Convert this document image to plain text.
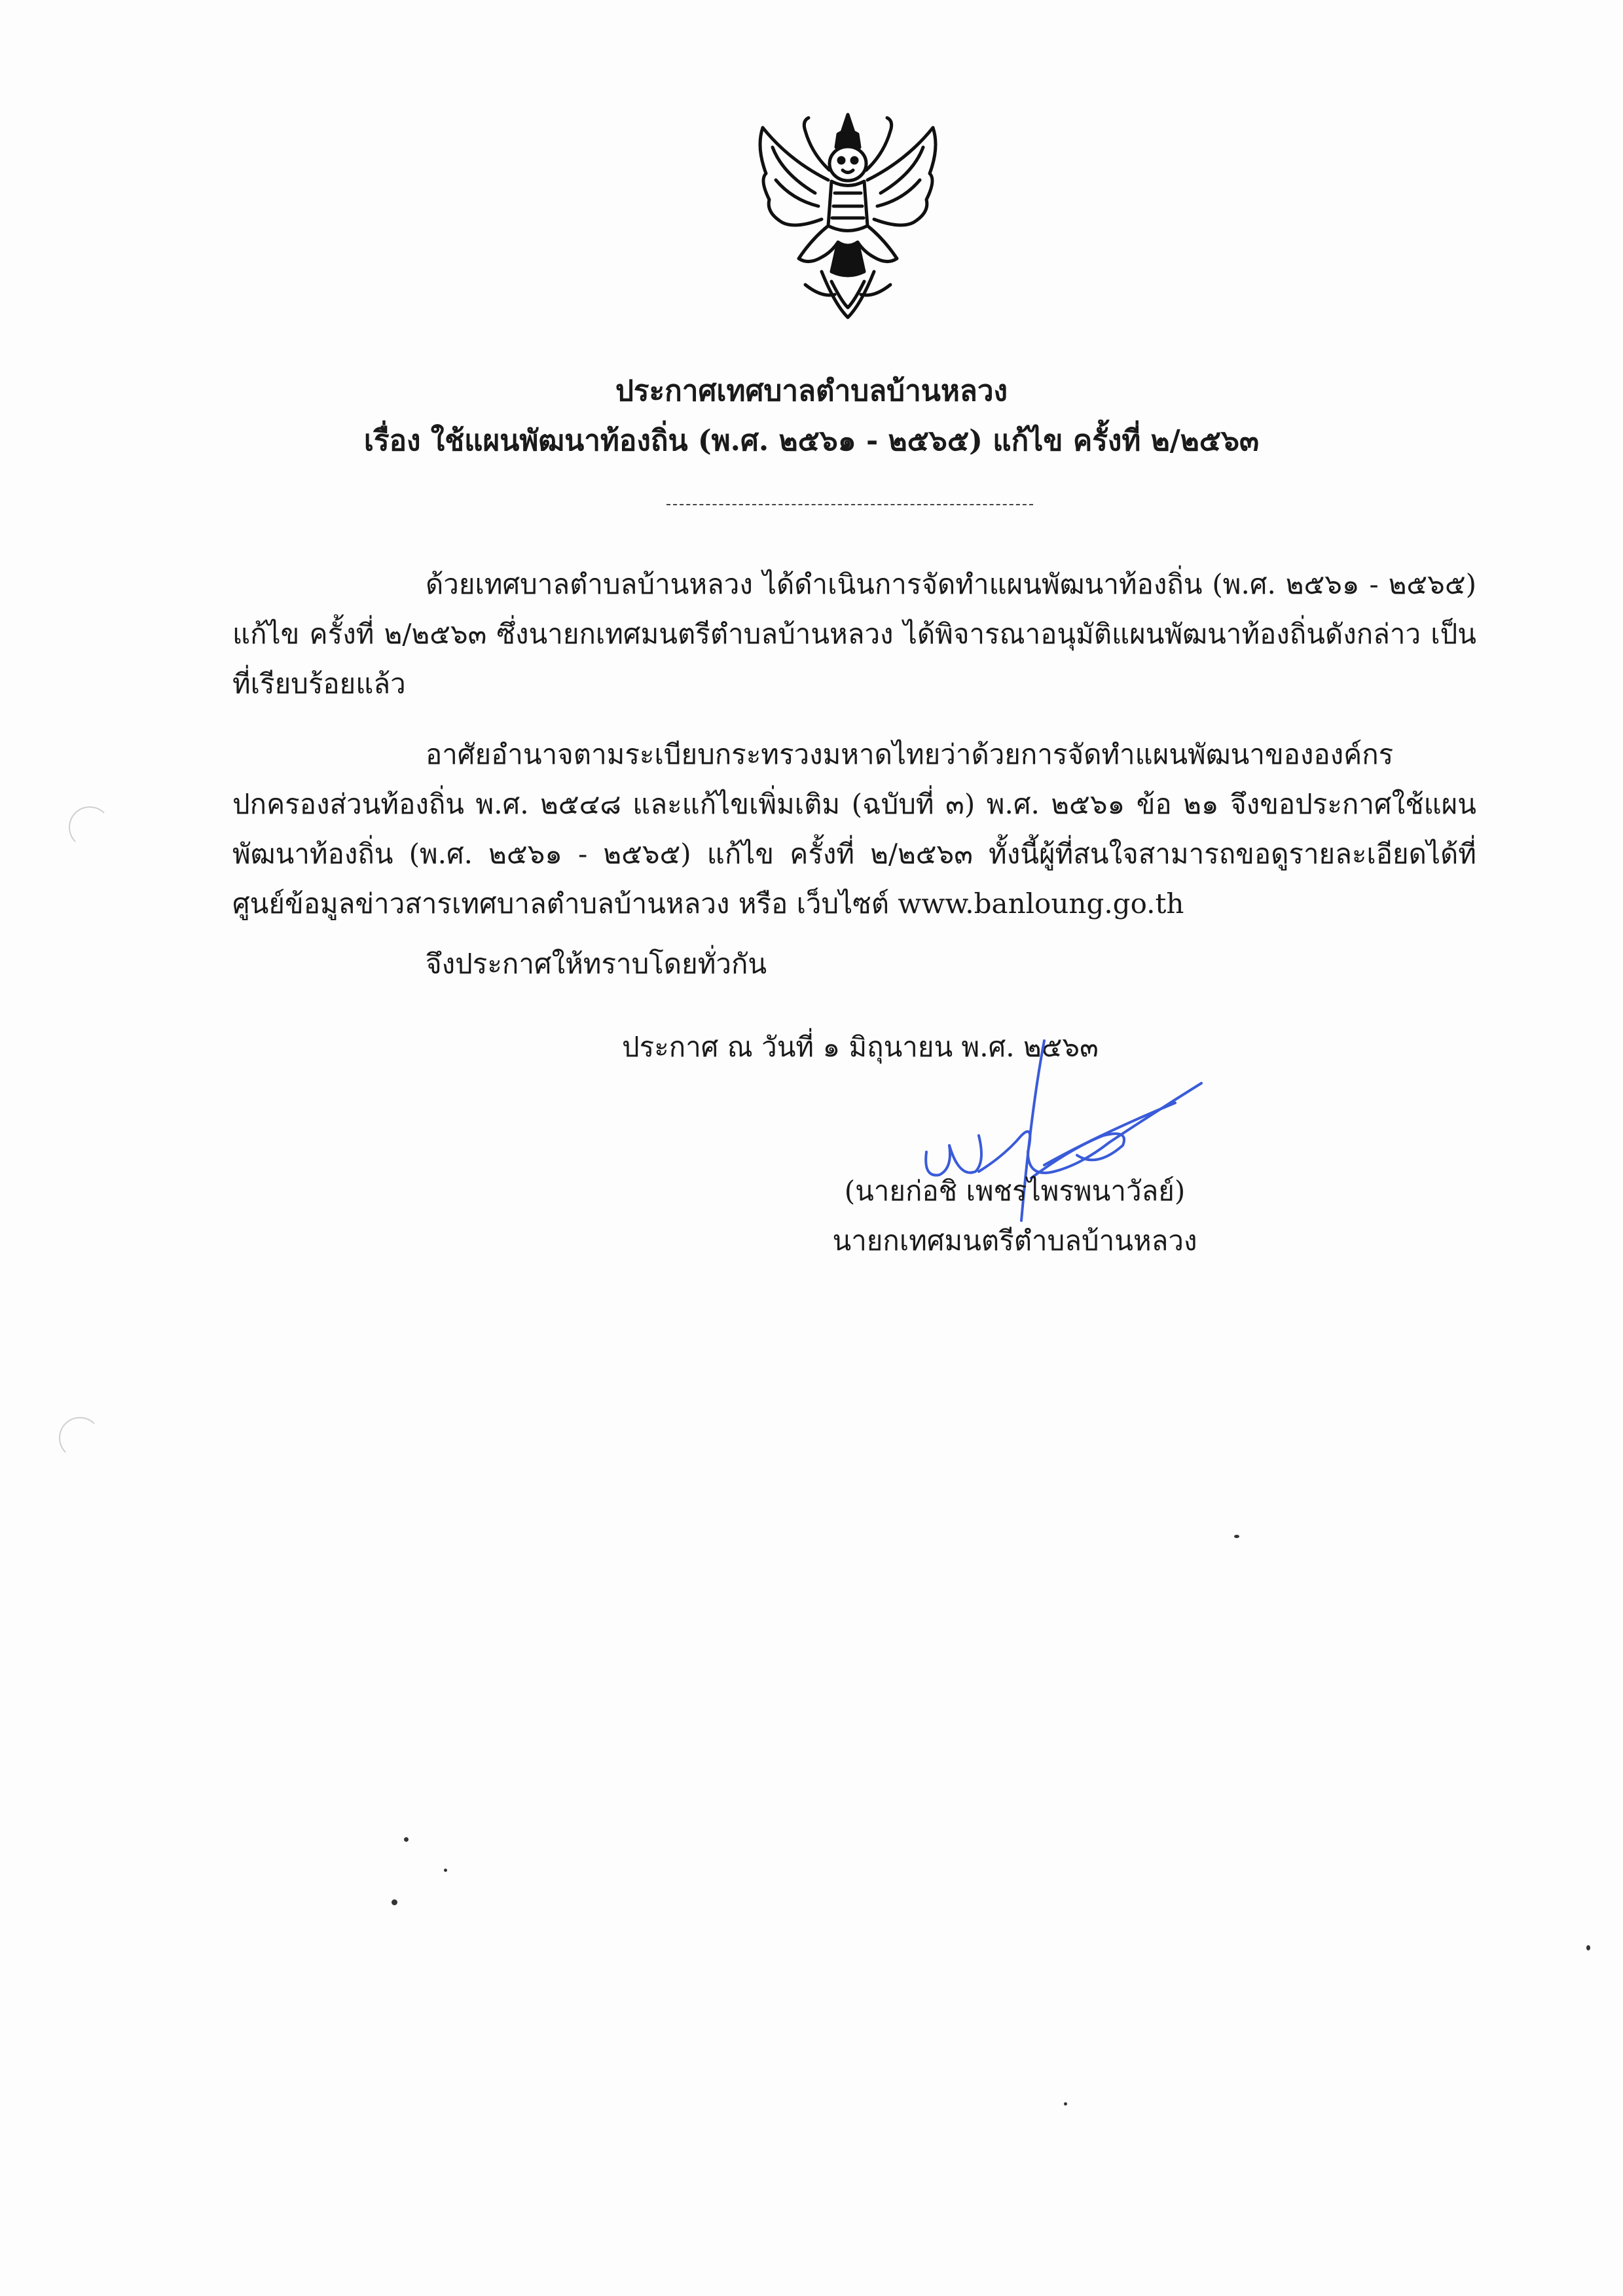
ประกาศเทศบาลตำบลบ้านหลวง
เรื่อง ใช้แผนพัฒนาท้องถิ่น (พ.ศ. ๒๕๖๑ - ๒๕๖๕) แก้ไข ครั้งที่ ๒/๒๕๖๓
ด้วยเทศบาลตำบลบ้านหลวง ได้ดำเนินการจัดทำแผนพัฒนาท้องถิ่น (พ.ศ. ๒๕๖๑ - ๒๕๖๕) แก้ไข ครั้งที่ ๒/๒๕๖๓ ซึ่งนายกเทศมนตรีตำบลบ้านหลวง ได้พิจารณาอนุมัติแผนพัฒนาท้องถิ่นดังกล่าว เป็นที่เรียบร้อยแล้ว
อาศัยอำนาจตามระเบียบกระทรวงมหาดไทยว่าด้วยการจัดทำแผนพัฒนาขององค์กรปกครองส่วนท้องถิ่น พ.ศ. ๒๕๔๘ และแก้ไขเพิ่มเติม (ฉบับที่ ๓) พ.ศ. ๒๕๖๑ ข้อ ๒๑ จึงขอประกาศใช้แผนพัฒนาท้องถิ่น (พ.ศ. ๒๕๖๑ - ๒๕๖๕) แก้ไข ครั้งที่ ๒/๒๕๖๓ ทั้งนี้ผู้ที่สนใจสามารถขอดูรายละเอียดได้ที่ ศูนย์ข้อมูลข่าวสารเทศบาลตำบลบ้านหลวง หรือ เว็บไซต์ www.banloung.go.th
จึงประกาศให้ทราบโดยทั่วกัน
ประกาศ ณ วันที่ ๑ มิถุนายน พ.ศ. ๒๕๖๓
(นายก่อชิ เพชรไพรพนาวัลย์)
นายกเทศมนตรีตำบลบ้านหลวง
